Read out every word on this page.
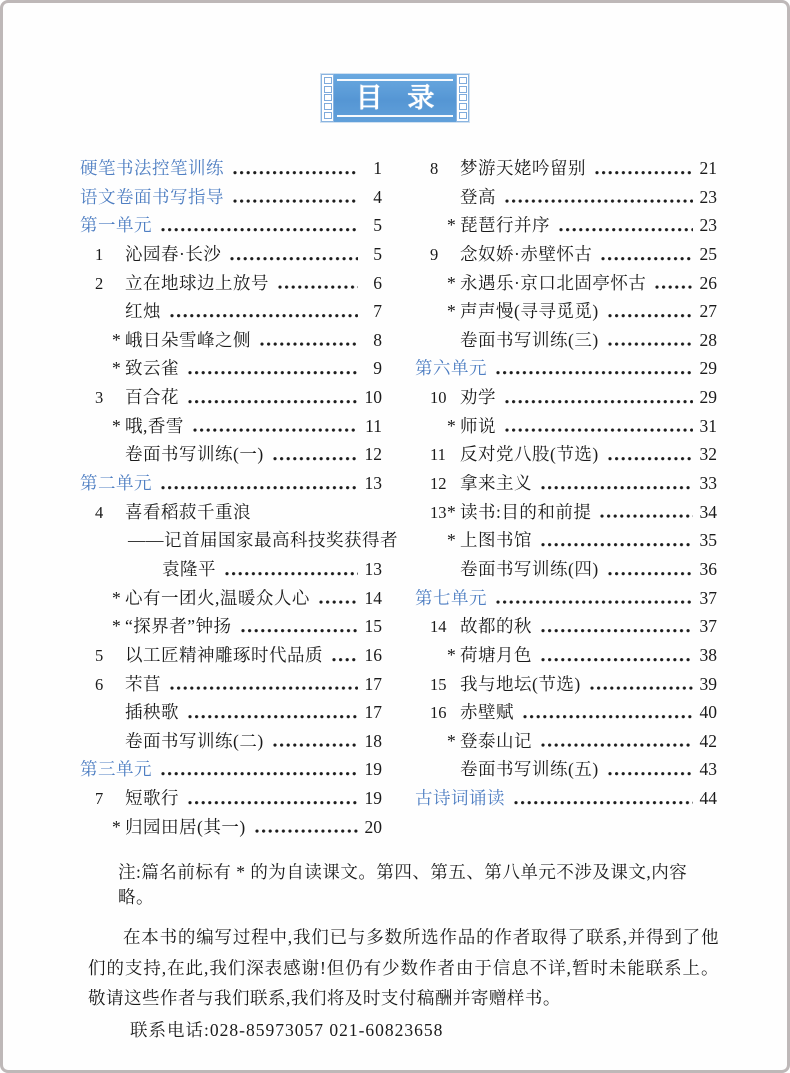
目 录
硬笔书法控笔训练	1
语文卷面书写指导	4
第一单元	5
1	沁园春·长沙	5
2	立在地球边上放号	6
红烛	7
* 峨日朵雪峰之侧	8
* 致云雀	9
3	百合花	10
* 哦,香雪	11
卷面书写训练(一)	12
第二单元	13
4	喜看稻菽千重浪
——记首届国家最高科技奖获得者
袁隆平	13
* 心有一团火,温暖众人心	14
* “探界者”钟扬	15
5	以工匠精神雕琢时代品质 16
6	芣苢	17
插秧歌	17
卷面书写训练(二)	18
第三单元	19
7	短歌行	19
* 归园田居(其一)	20
8	梦游天姥吟留别	21
登高	23
* 琵琶行并序	23
9	念奴娇·赤壁怀古	25
* 永遇乐·京口北固亭怀古	26
* 声声慢(寻寻觅觅)	27
卷面书写训练(三)	28
第六单元	29
10 劝学	29
* 师说	31
11 反对党八股(节选)	32
12 拿来主义	33
13 * 读书:目的和前提	34
* 上图书馆	35
卷面书写训练(四)	36
第七单元	37
14 故都的秋	37
* 荷塘月色	38
15 我与地坛(节选)	39
16 赤壁赋	40
* 登泰山记	42
卷面书写训练(五)	43
古诗词诵读	44

注:篇名前标有 * 的为自读课文。第四、第五、第八单元不涉及课文,内容略。

在本书的编写过程中,我们已与多数所选作品的作者取得了联系,并得到了他们的支持,在此,我们深表感谢!但仍有少数作者由于信息不详,暂时未能联系上。敬请这些作者与我们联系,我们将及时支付稿酬并寄赠样书。

联系电话:028-85973057 021-60823658
